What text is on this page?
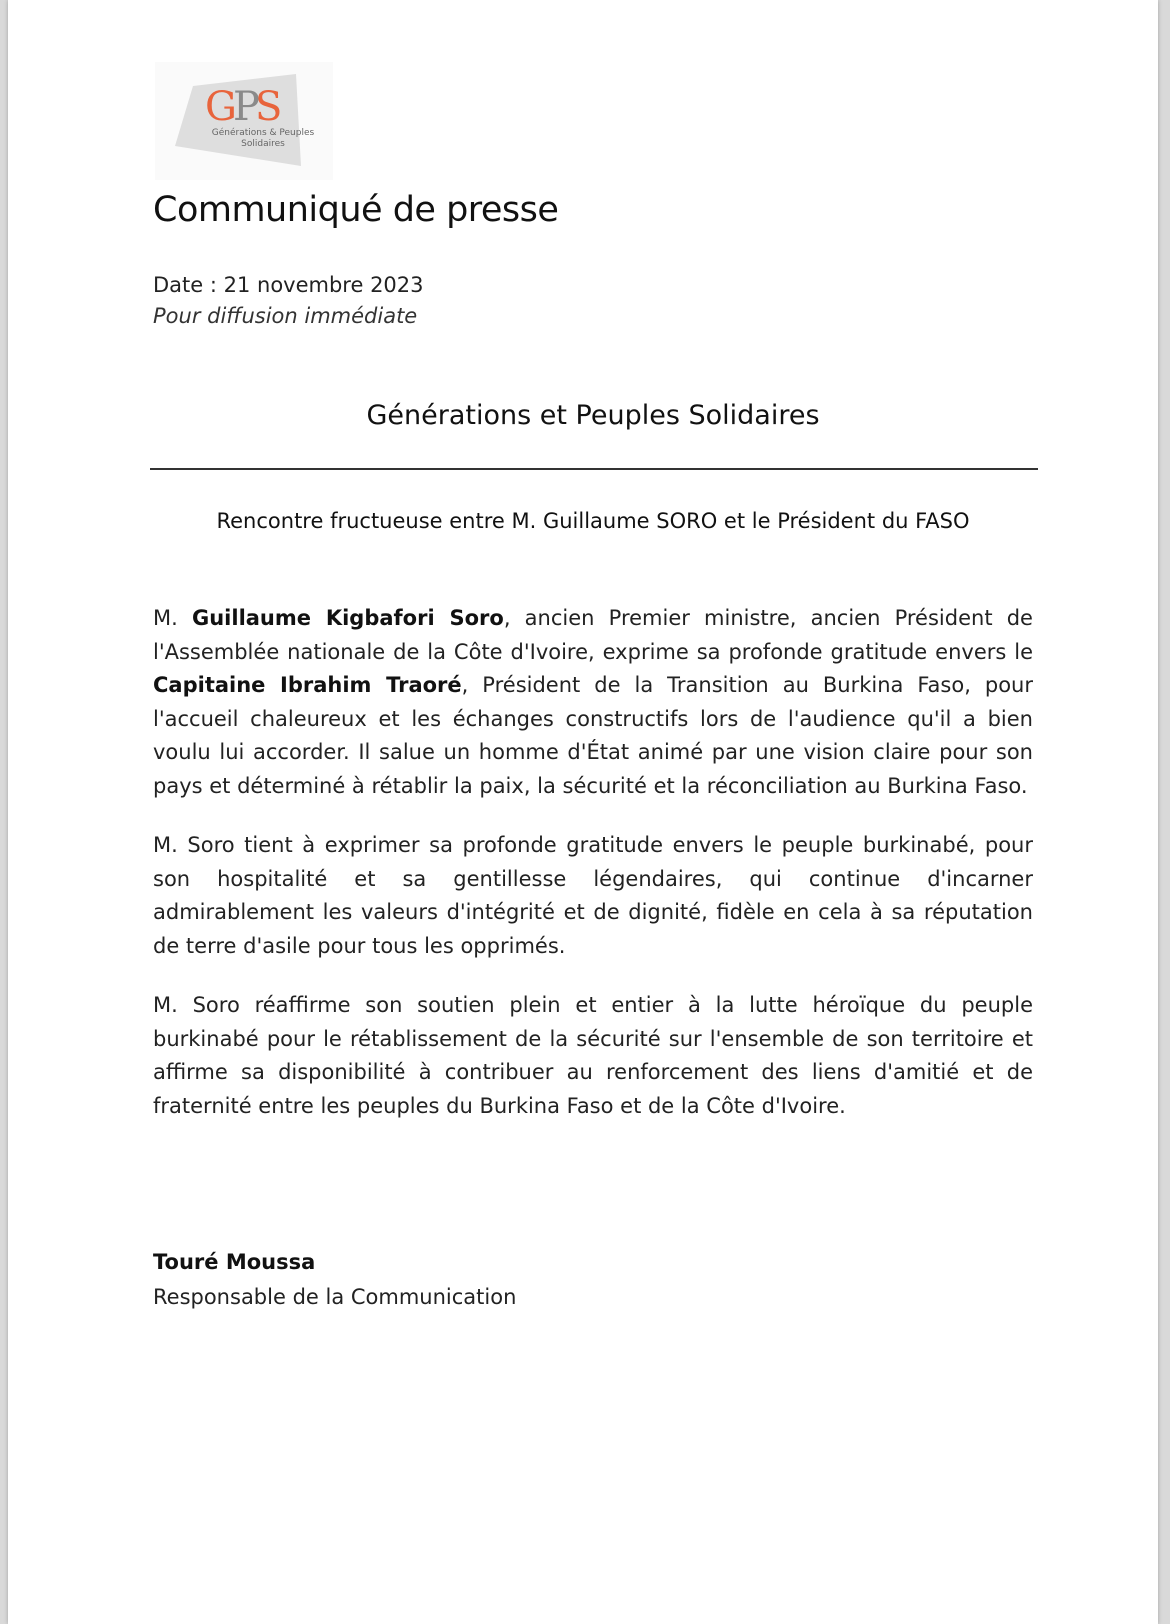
G
P
S
Générations & Peuples
Solidaires
Communiqué de presse
Date : 21 novembre 2023
Pour diffusion immédiate
Générations et Peuples Solidaires
Rencontre fructueuse entre M. Guillaume SORO et le Président du FASO

M. Guillaume Kigbafori Soro, ancien Premier ministre, ancien Président de l'Assemblée nationale de la Côte d'Ivoire, exprime sa profonde gratitude envers le Capitaine Ibrahim Traoré, Président de la Transition au Burkina Faso, pour l'accueil chaleureux et les échanges constructifs lors de l'audience qu'il a bien voulu lui accorder. Il salue un homme d'État animé par une vision claire pour son pays et déterminé à rétablir la paix, la sécurité et la réconciliation au Burkina Faso.

M. Soro tient à exprimer sa profonde gratitude envers le peuple burkinabé, pour son hospitalité et sa gentillesse légendaires, qui continue d'incarner admirablement les valeurs d'intégrité et de dignité, fidèle en cela à sa réputation de terre d'asile pour tous les opprimés.

M. Soro réaffirme son soutien plein et entier à la lutte héroïque du peuple burkinabé pour le rétablissement de la sécurité sur l'ensemble de son territoire et affirme sa disponibilité à contribuer au renforcement des liens d'amitié et de fraternité entre les peuples du Burkina Faso et de la Côte d'Ivoire.

Touré Moussa
Responsable de la Communication
